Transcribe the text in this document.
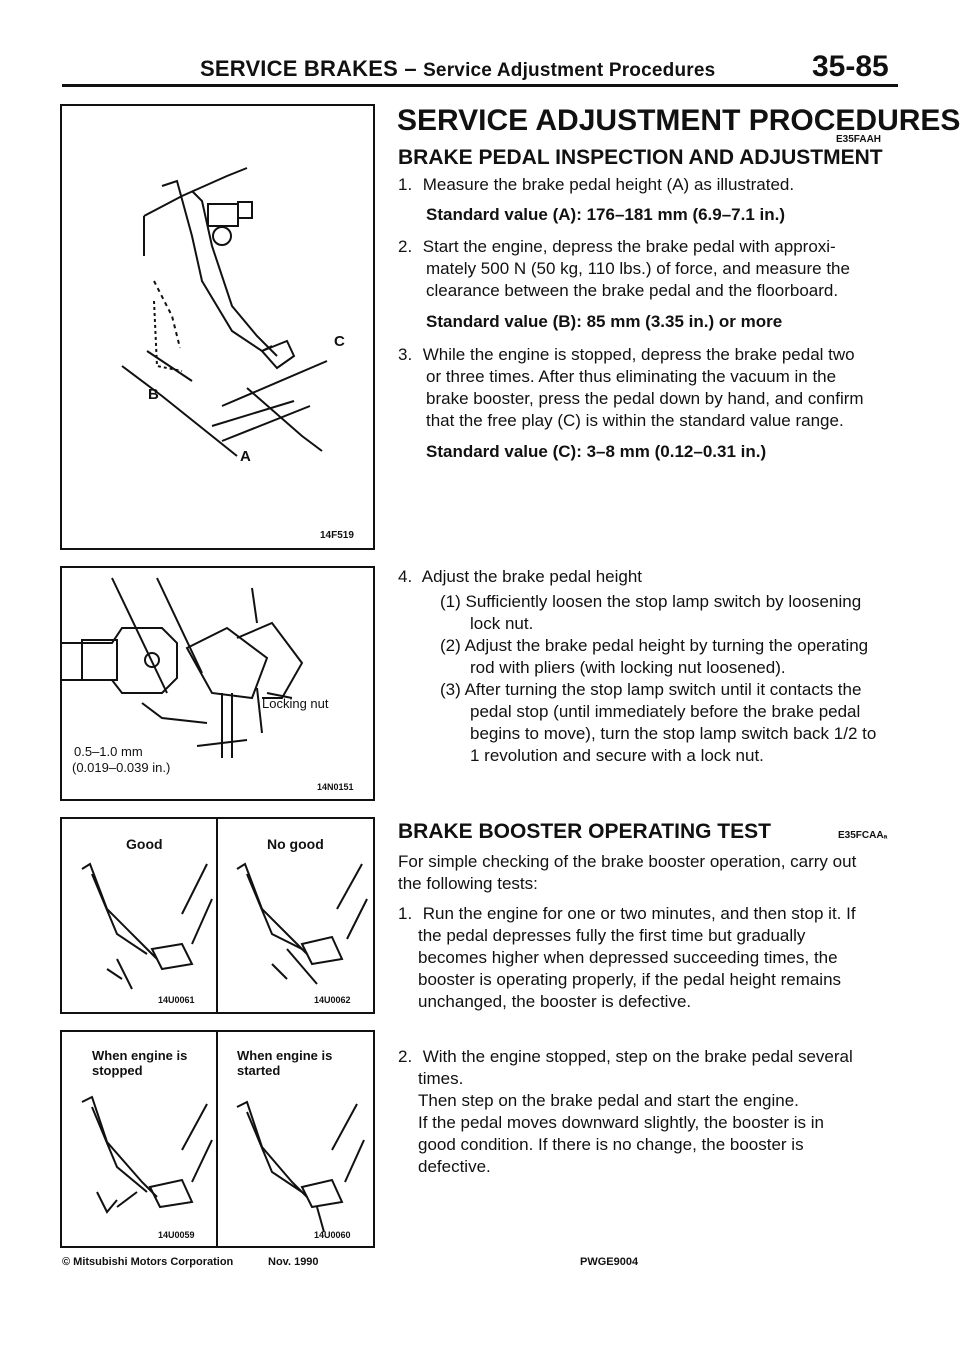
SERVICE BRAKES – Service Adjustment Procedures	35-85
C
B
A
14F519
Locking nut
0.5–1.0 mm
(0.019–0.039 in.)
14N0151
Good	No good
14U0061	14U0062
When engine is
stopped
When engine is
started
14U0059	14U0060
© Mitsubishi Motors Corporation	Nov. 1990	PWGE9004
SERVICE ADJUSTMENT PROCEDURES
E35FAAH
BRAKE PEDAL INSPECTION AND ADJUSTMENT
1. Measure the brake pedal height (A) as illustrated.
Standard value (A): 176–181 mm (6.9–7.1 in.)
2. Start the engine, depress the brake pedal with approxi-
mately 500 N (50 kg, 110 lbs.) of force, and measure the
clearance between the brake pedal and the floorboard.
Standard value (B): 85 mm (3.35 in.) or more
3. While the engine is stopped, depress the brake pedal two
or three times. After thus eliminating the vacuum in the
brake booster, press the pedal down by hand, and confirm
that the free play (C) is within the standard value range.
Standard value (C): 3–8 mm (0.12–0.31 in.)
4. Adjust the brake pedal height
(1) Sufficiently loosen the stop lamp switch by loosening
lock nut.
(2) Adjust the brake pedal height by turning the operating
rod with pliers (with locking nut loosened).
(3) After turning the stop lamp switch until it contacts the
pedal stop (until immediately before the brake pedal
begins to move), turn the stop lamp switch back 1/2 to
1 revolution and secure with a lock nut.
BRAKE BOOSTER OPERATING TEST	E35FCAAₐ
For simple checking of the brake booster operation, carry out
the following tests:
1. Run the engine for one or two minutes, and then stop it. If
the pedal depresses fully the first time but gradually
becomes higher when depressed succeeding times, the
booster is operating properly, if the pedal height remains
unchanged, the booster is defective.
2. With the engine stopped, step on the brake pedal several
times.
Then step on the brake pedal and start the engine.
If the pedal moves downward slightly, the booster is in
good condition. If there is no change, the booster is
defective.
